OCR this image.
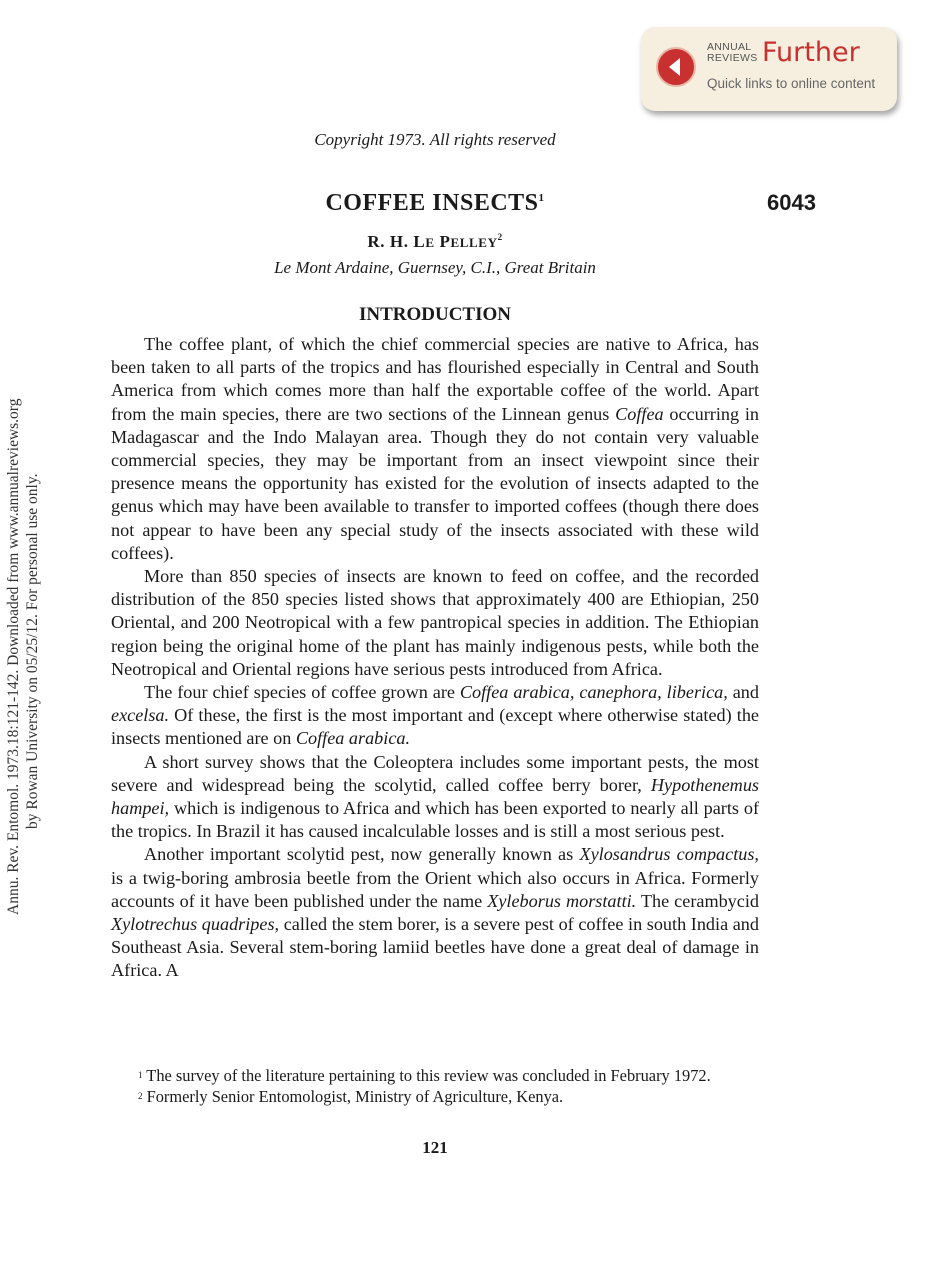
ANNUAL
REVIEWS Further
Quick links to online content
Annu. Rev. Entomol. 1973.18:121-142. Downloaded from www.annualreviews.org by Rowan University on 05/25/12. For personal use only.
Copyright 1973. All rights reserved
COFFEE INSECTS$^1$	6043
R. H. LE PELLEY$^2$
Le Mont Ardaine, Guernsey, C.I., Great Britain
INTRODUCTION

The coffee plant, of which the chief commercial species are native to Africa, has been taken to all parts of the tropics and has flourished especially in Central and South America from which comes more than half the exportable coffee of the world. Apart from the main species, there are two sections of the Linnean genus Coffea occurring in Madagascar and the Indo Malayan area. Though they do not contain very valuable commercial species, they may be important from an insect viewpoint since their presence means the opportunity has existed for the evolution of insects adapted to the genus which may have been available to transfer to imported coffees (though there does not appear to have been any special study of the insects associated with these wild coffees).

More than 850 species of insects are known to feed on coffee, and the recorded distribution of the 850 species listed shows that approximately 400 are Ethiopian, 250 Oriental, and 200 Neotropical with a few pantropical species in addition. The Ethiopian region being the original home of the plant has mainly indigenous pests, while both the Neotropical and Oriental regions have serious pests introduced from Africa.

The four chief species of coffee grown are Coffea arabica, canephora, liberica, and excelsa. Of these, the first is the most important and (except where otherwise stated) the insects mentioned are on Coffea arabica.

A short survey shows that the Coleoptera includes some important pests, the most severe and widespread being the scolytid, called coffee berry borer, Hypothenemus hampei, which is indigenous to Africa and which has been exported to nearly all parts of the tropics. In Brazil it has caused incalculable losses and is still a most serious pest.

Another important scolytid pest, now generally known as Xylosandrus compactus, is a twig-boring ambrosia beetle from the Orient which also occurs in Africa. Formerly accounts of it have been published under the name Xyleborus morstatti. The cerambycid Xylotrechus quadripes, called the stem borer, is a severe pest of coffee in south India and Southeast Asia. Several stem-boring lamiid beetles have done a great deal of damage in Africa. A

$^1$ The survey of the literature pertaining to this review was concluded in February 1972.

$^2$ Formerly Senior Entomologist, Ministry of Agriculture, Kenya.

121
